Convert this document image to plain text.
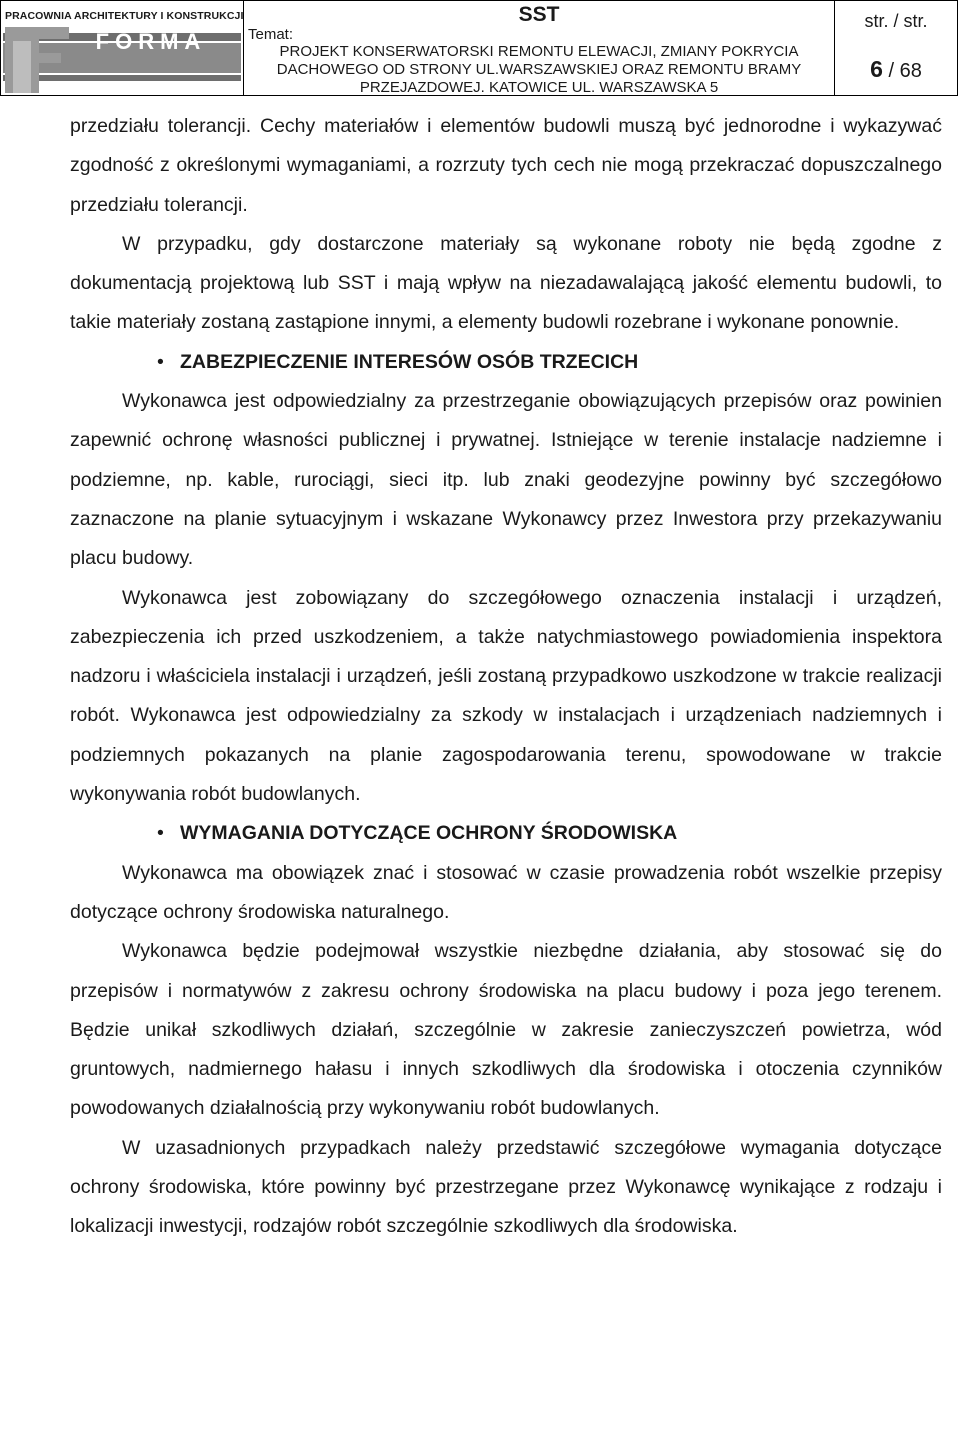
PRACOWNIA ARCHITEKTURY I KONSTRUKCJI
FORMA
SST
Temat:
PROJEKT KONSERWATORSKI REMONTU ELEWACJI, ZMIANY POKRYCIA
DACHOWEGO OD STRONY UL.WARSZAWSKIEJ ORAZ REMONTU BRAMY
PRZEJAZDOWEJ. KATOWICE UL. WARSZAWSKA 5
str. / str.
6 / 68

przedziału tolerancji. Cechy materiałów i elementów budowli muszą być jednorodne i wykazywać zgodność z określonymi wymaganiami, a rozrzuty tych cech nie mogą przekraczać dopuszczalnego przedziału tolerancji.

W przypadku, gdy dostarczone materiały są wykonane roboty nie będą zgodne z dokumentacją projektową lub SST i mają wpływ na niezadawalającą jakość elementu budowli, to takie materiały zostaną zastąpione innymi, a elementy budowli rozebrane i wykonane ponownie.

• ZABEZPIECZENIE INTERESÓW OSÓB TRZECICH

Wykonawca jest odpowiedzialny za przestrzeganie obowiązujących przepisów oraz powinien zapewnić ochronę własności publicznej i prywatnej. Istniejące w terenie instalacje nadziemne i podziemne, np. kable, rurociągi, sieci itp. lub znaki geodezyjne powinny być szczegółowo zaznaczone na planie sytuacyjnym i wskazane Wykonawcy przez Inwestora przy przekazywaniu placu budowy.

Wykonawca jest zobowiązany do szczegółowego oznaczenia instalacji i urządzeń, zabezpieczenia ich przed uszkodzeniem, a także natychmiastowego powiadomienia inspektora nadzoru i właściciela instalacji i urządzeń, jeśli zostaną przypadkowo uszkodzone w trakcie realizacji robót. Wykonawca jest odpowiedzialny za szkody w instalacjach i urządzeniach nadziemnych i podziemnych pokazanych na planie zagospodarowania terenu, spowodowane w trakcie wykonywania robót budowlanych.

• WYMAGANIA DOTYCZĄCE OCHRONY ŚRODOWISKA

Wykonawca ma obowiązek znać i stosować w czasie prowadzenia robót wszelkie przepisy dotyczące ochrony środowiska naturalnego.

Wykonawca będzie podejmował wszystkie niezbędne działania, aby stosować się do przepisów i normatywów z zakresu ochrony środowiska na placu budowy i poza jego terenem. Będzie unikał szkodliwych działań, szczególnie w zakresie zanieczyszczeń powietrza, wód gruntowych, nadmiernego hałasu i innych szkodliwych dla środowiska i otoczenia czynników powodowanych działalnością przy wykonywaniu robót budowlanych.

W uzasadnionych przypadkach należy przedstawić szczegółowe wymagania dotyczące ochrony środowiska, które powinny być przestrzegane przez Wykonawcę wynikające z rodzaju i lokalizacji inwestycji, rodzajów robót szczególnie szkodliwych dla środowiska.
